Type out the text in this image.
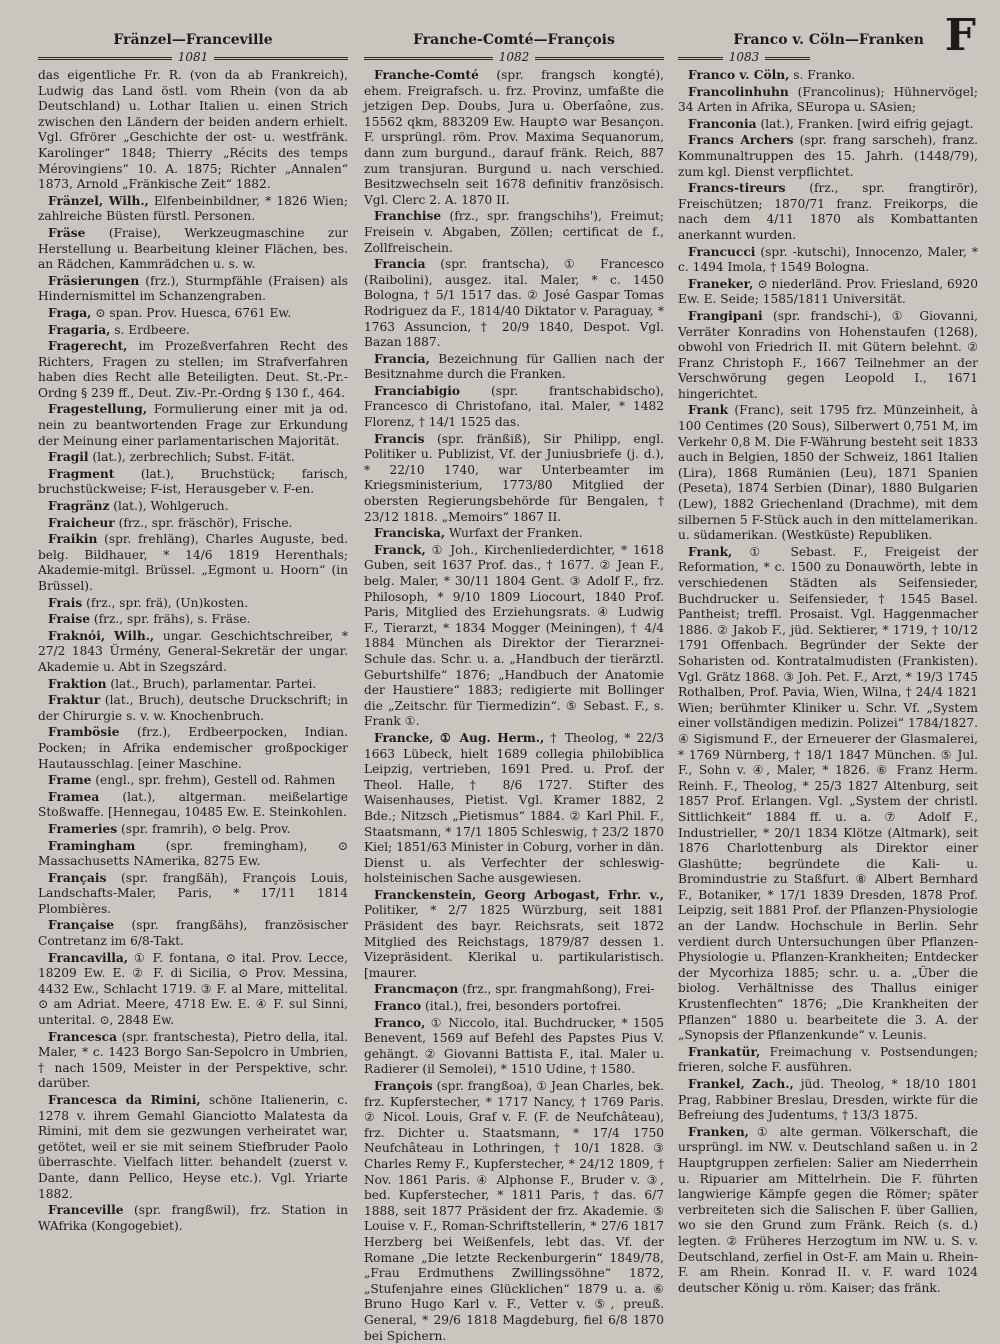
F
Fränzel—Franceville	Franche-Comté—François	Franco v. Cöln—Franken
1081	1082	1083

das eigentliche Fr. R. (von da ab Frankreich), Ludwig das Land östl. vom Rhein (von da ab Deutschland) u. Lothar Italien u. einen Strich zwischen den Ländern der beiden andern erhielt. Vgl. Gfrörer „Geschichte der ost- u. westfränk. Karolinger“ 1848; Thierry „Récits des temps Mérovingiens“ 10. A. 1875; Richter „Annalen“ 1873, Arnold „Fränkische Zeit“ 1882.

Fränzel, Wilh., Elfenbeinbildner, * 1826 Wien; zahlreiche Büsten fürstl. Personen.

Fräse (Fraise), Werkzeugmaschine zur Herstellung u. Bearbeitung kleiner Flächen, bes. an Rädchen, Kammrädchen u. s. w.

Fräsierungen (frz.), Sturmpfähle (Fraisen) als Hindernismittel im Schanzengraben.

Fraga, ⊙ span. Prov. Huesca, 6761 Ew.

Fragaria, s. Erdbeere.

Fragerecht, im Prozeßverfahren Recht des Richters, Fragen zu stellen; im Strafverfahren haben dies Recht alle Beteiligten. Deut. St.-Pr.-Ordng § 239 ff., Deut. Ziv.-Pr.-Ordng § 130 f., 464.

Fragestellung, Formulierung einer mit ja od. nein zu beantwortenden Frage zur Erkundung der Meinung einer parlamentarischen Majorität.

Fragil (lat.), zerbrechlich; Subst. F-ität.

Fragment (lat.), Bruchstück; farisch, bruchstückweise; F-ist, Herausgeber v. F-en.

Fragränz (lat.), Wohlgeruch.

Fraicheur (frz., spr. fräschör), Frische.

Fraikin (spr. frehläng), Charles Auguste, bed. belg. Bildhauer, * 14/6 1819 Herenthals; Akademie-mitgl. Brüssel. „Egmont u. Hoorn“ (in Brüssel).

Frais (frz., spr. frä), (Un)kosten.

Fraise (frz., spr. frähs), s. Fräse.

Fraknói, Wilh., ungar. Geschichtschreiber, * 27/2 1843 Ürmény, General-Sekretär der ungar. Akademie u. Abt in Szegszárd.

Fraktion (lat., Bruch), parlamentar. Partei.

Fraktur (lat., Bruch), deutsche Druckschrift; in der Chirurgie s. v. w. Knochenbruch.

Frambösie (frz.), Erdbeerpocken, Indian. Pocken; in Afrika endemischer großpockiger Hautausschlag. [einer Maschine.

Frame (engl., spr. frehm), Gestell od. Rahmen

Framea (lat.), altgerman. meißelartige Stoßwaffe. [Hennegau, 10485 Ew. E. Steinkohlen.

Frameries (spr. framrih), ⊙ belg. Prov.

Framingham (spr. fremingham), ⊙ Massachusetts NAmerika, 8275 Ew.

Français (spr. frangßäh), François Louis, Landschafts-Maler, Paris, * 17/11 1814 Plombières.

Française (spr. frangßähs), französischer Contretanz im 6/8-Takt.

Francavilla, ① F. fontana, ⊙ ital. Prov. Lecce, 18209 Ew. E. ② F. di Sicilia, ⊙ Prov. Messina, 4432 Ew., Schlacht 1719. ③ F. al Mare, mittelital. ⊙ am Adriat. Meere, 4718 Ew. E. ④ F. sul Sinni, unterital. ⊙, 2848 Ew.

Francesca (spr. frantschesta), Pietro della, ital. Maler, * c. 1423 Borgo San-Sepolcro in Umbrien, † nach 1509, Meister in der Perspektive, schr. darüber.

Francesca da Rimini, schöne Italienerin, c. 1278 v. ihrem Gemahl Gianciotto Malatesta da Rimini, mit dem sie gezwungen verheiratet war, getötet, weil er sie mit seinem Stiefbruder Paolo überraschte. Vielfach litter. behandelt (zuerst v. Dante, dann Pellico, Heyse etc.). Vgl. Yriarte 1882.

Franceville (spr. frangßwil), frz. Station in WAfrika (Kongogebiet).

Franche-Comté (spr. frangsch kongté), ehem. Freigrafsch. u. frz. Provinz, umfaßte die jetzigen Dep. Doubs, Jura u. Oberſaône, zus. 15562 qkm, 883209 Ew. Haupt⊙ war Besançon. F. ursprüngl. röm. Prov. Maxima Sequanorum, dann zum burgund., darauf fränk. Reich, 887 zum transjuran. Burgund u. nach verschied. Besitzwechseln seit 1678 definitiv französisch. Vgl. Clerc 2. A. 1870 II.

Franchise (frz., spr. frangschihs'), Freimut; Freisein v. Abgaben, Zöllen; certificat de f., Zollfreischein.

Francia (spr. frantscha), ① Francesco (Raibolini), ausgez. ital. Maler, * c. 1450 Bologna, † 5/1 1517 das. ② José Gaspar Tomas Rodriguez da F., 1814/40 Diktator v. Paraguay, * 1763 Assuncion, † 20/9 1840, Despot. Vgl. Bazan 1887.

Francia, Bezeichnung für Gallien nach der Besitznahme durch die Franken.

Franciabigio	(spr. frantschabidscho), Francesco di Christofano, ital. Maler, * 1482 Florenz, † 14/1 1525 das.

Francis (spr. fränßiß), Sir Philipp, engl. Politiker u. Publizist, Vf. der Juniusbriefe (j. d.), * 22/10 1740, war Unterbeamter im Kriegsministerium, 1773/80 Mitglied der obersten Regierungsbehörde für Bengalen, † 23/12 1818. „Memoirs“ 1867 II.

Franciska, Wurfaxt der Franken.

Franck, ① Joh., Kirchenliederdichter, * 1618 Guben, seit 1637 Prof. das., † 1677. ② Jean F., belg. Maler, * 30/11 1804 Gent. ③ Adolf F., frz. Philosoph, * 9/10 1809 Liocourt, 1840 Prof. Paris, Mitglied des Erziehungsrats. ④ Ludwig F., Tierarzt, * 1834 Mogger (Meiningen), † 4/4 1884 München als Direktor der Tierarznei-Schule das. Schr. u. a. „Handbuch der tierärztl. Geburtshilfe“ 1876; „Handbuch der Anatomie der Haustiere“ 1883; redigierte mit Bollinger die „Zeitschr. für Tiermedizin“. ⑤ Sebast. F., s. Frank ①.

Francke, ① Aug. Herm., † Theolog, * 22/3 1663 Lübeck, hielt 1689 collegia philobiblica Leipzig, vertrieben, 1691 Pred. u. Prof. der Theol. Halle, † 8/6 1727. Stifter des Waisenhauses, Pietist. Vgl. Kramer 1882, 2 Bde.; Nitzsch „Pietismus“ 1884. ② Karl Phil. F., Staatsmann, * 17/1 1805 Schleswig, † 23/2 1870 Kiel; 1851/63 Minister in Coburg, vorher in dän. Dienst u. als Verfechter der schleswig-holsteinischen Sache ausgewiesen.

Franckenstein, Georg Arbogast, Frhr. v., Politiker, * 2/7 1825 Würzburg, seit 1881 Präsident des bayr. Reichsrats, seit 1872 Mitglied des Reichstags, 1879/87 dessen 1. Vizepräsident. Klerikal u. partikularistisch. [maurer.

Francmaçon (frz., spr. frangmahßong), Frei-

Franco (ital.), frei, besonders portofrei.

Franco, ① Niccolo, ital. Buchdrucker, * 1505 Benevent, 1569 auf Befehl des Papstes Pius V. gehängt. ② Giovanni Battista F., ital. Maler u. Radierer (il Semolei), * 1510 Udine, † 1580.

François (spr. frangßoa), ① Jean Charles, bek. frz. Kupferstecher, * 1717 Nancy, † 1769 Paris. ② Nicol. Louis, Graf v. F. (F. de Neufchâteau), frz. Dichter u. Staatsmann, * 17/4 1750 Neufchâteau in Lothringen, † 10/1 1828. ③ Charles Remy F., Kupferstecher, * 24/12 1809, † Nov. 1861 Paris. ④ Alphonse F., Bruder v. ③, bed. Kupferstecher, * 1811 Paris, † das. 6/7 1888, seit 1877 Präsident der frz. Akademie. ⑤ Louise v. F., Roman-Schriftstellerin, * 27/6 1817 Herzberg bei Weißenfels, lebt das. Vf. der Romane „Die letzte Reckenburgerin“ 1849/78, „Frau Erdmuthens Zwillingssöhne“ 1872, „Stufenjahre eines Glücklichen“ 1879 u. a. ⑥ Bruno Hugo Karl v. F., Vetter v. ⑤, preuß. General, * 29/6 1818 Magdeburg, fiel 6/8 1870 bei Spichern.

Franco v. Cöln, s. Franko.

Francolinhuhn (Francolinus); Hühnervögel; 34 Arten in Afrika, SEuropa u. SAsien;

Franconia (lat.), Franken. [wird eifrig gejagt.

Francs Archers (spr. frang sarscheh), franz. Kommunaltruppen des 15. Jahrh. (1448/79), zum kgl. Dienst verpflichtet.

Francs-tireurs (frz., spr. frangtirör), Freischützen; 1870/71 franz. Freikorps, die nach dem 4/11 1870 als Kombattanten anerkannt wurden.

Francucci (spr. -kutschi), Innocenzo, Maler, * c. 1494 Imola, † 1549 Bologna.

Franeker, ⊙ niederländ. Prov. Friesland, 6920 Ew. E. Seide; 1585/1811 Universität.

Frangipani (spr. frandschi-), ① Giovanni, Verräter Konradins von Hohenstaufen (1268), obwohl von Friedrich II. mit Gütern belehnt. ② Franz Christoph F., 1667 Teilnehmer an der Verschwörung gegen Leopold I., 1671 hingerichtet.

Frank (Franc), seit 1795 frz. Münzeinheit, à 100 Centimes (20 Sous), Silberwert 0,751 M, im Verkehr 0,8 M. Die F-Währung besteht seit 1833 auch in Belgien, 1850 der Schweiz, 1861 Italien (Lira), 1868 Rumänien (Leu), 1871 Spanien (Peseta), 1874 Serbien (Dinar), 1880 Bulgarien (Lew), 1882 Griechenland (Drachme), mit dem silbernen 5 F-Stück auch in den mittelamerikan. u. südamerikan. (Westküste) Republiken.

Frank, ① Sebast. F., Freigeist der Reformation, * c. 1500 zu Donauwörth, lebte in verschiedenen Städten als Seifensieder, Buchdrucker u. Seifensieder, † 1545 Basel. Pantheist; treffl. Prosaist. Vgl. Haggenmacher 1886. ② Jakob F., jüd. Sektierer, * 1719, † 10/12 1791 Offenbach. Begründer der Sekte der Soharisten od. Kontratalmudisten (Frankisten). Vgl. Grätz 1868. ③ Joh. Pet. F., Arzt, * 19/3 1745 Rothalben, Prof. Pavia, Wien, Wilna, † 24/4 1821 Wien; berühmter Kliniker u. Schr. Vf. „System einer vollständigen medizin. Polizei“ 1784/1827. ④ Sigismund F., der Erneuerer der Glasmalerei, * 1769 Nürnberg, † 18/1 1847 München. ⑤ Jul. F., Sohn v. ④, Maler, * 1826. ⑥ Franz Herm. Reinh. F., Theolog, * 25/3 1827 Altenburg, seit 1857 Prof. Erlangen. Vgl. „System der christl. Sittlichkeit“ 1884 ff. u. a. ⑦ Adolf F., Industrieller, * 20/1 1834 Klötze (Altmark), seit 1876 Charlottenburg als Direktor einer Glashütte; begründete die Kali- u. Bromindustrie zu Staßfurt. ⑧ Albert Bernhard F., Botaniker, * 17/1 1839 Dresden, 1878 Prof. Leipzig, seit 1881 Prof. der Pflanzen-Physiologie an der Landw. Hochschule in Berlin. Sehr verdient durch Untersuchungen über Pflanzen-Physiologie u. Pflanzen-Krankheiten; Entdecker der Mycorhiza 1885; schr. u. a. „Über die biolog. Verhältnisse des Thallus einiger Krustenflechten“ 1876; „Die Krankheiten der Pflanzen“ 1880 u. bearbeitete die 3. A. der „Synopsis der Pflanzenkunde“ v. Leunis.

Frankatür, Freimachung v. Postsendungen; frieren, solche F. ausführen.

Frankel, Zach., jüd. Theolog, * 18/10 1801 Prag, Rabbiner Breslau, Dresden, wirkte für die Befreiung des Judentums, † 13/3 1875.

Franken, ① alte german. Völkerschaft, die ursprüngl. im NW. v. Deutschland saßen u. in 2 Hauptgruppen zerfielen: Salier am Niederrhein u. Ripuarier am Mittelrhein. Die F. führten langwierige Kämpfe gegen die Römer; später verbreiteten sich die Salischen F. über Gallien, wo sie den Grund zum Fränk. Reich (s. d.) legten. ② Früheres Herzogtum im NW. u. S. v. Deutschland, zerfiel in Ost-F. am Main u. Rhein-F. am Rhein. Konrad II. v. F. ward 1024 deutscher König u. röm. Kaiser; das fränk.
